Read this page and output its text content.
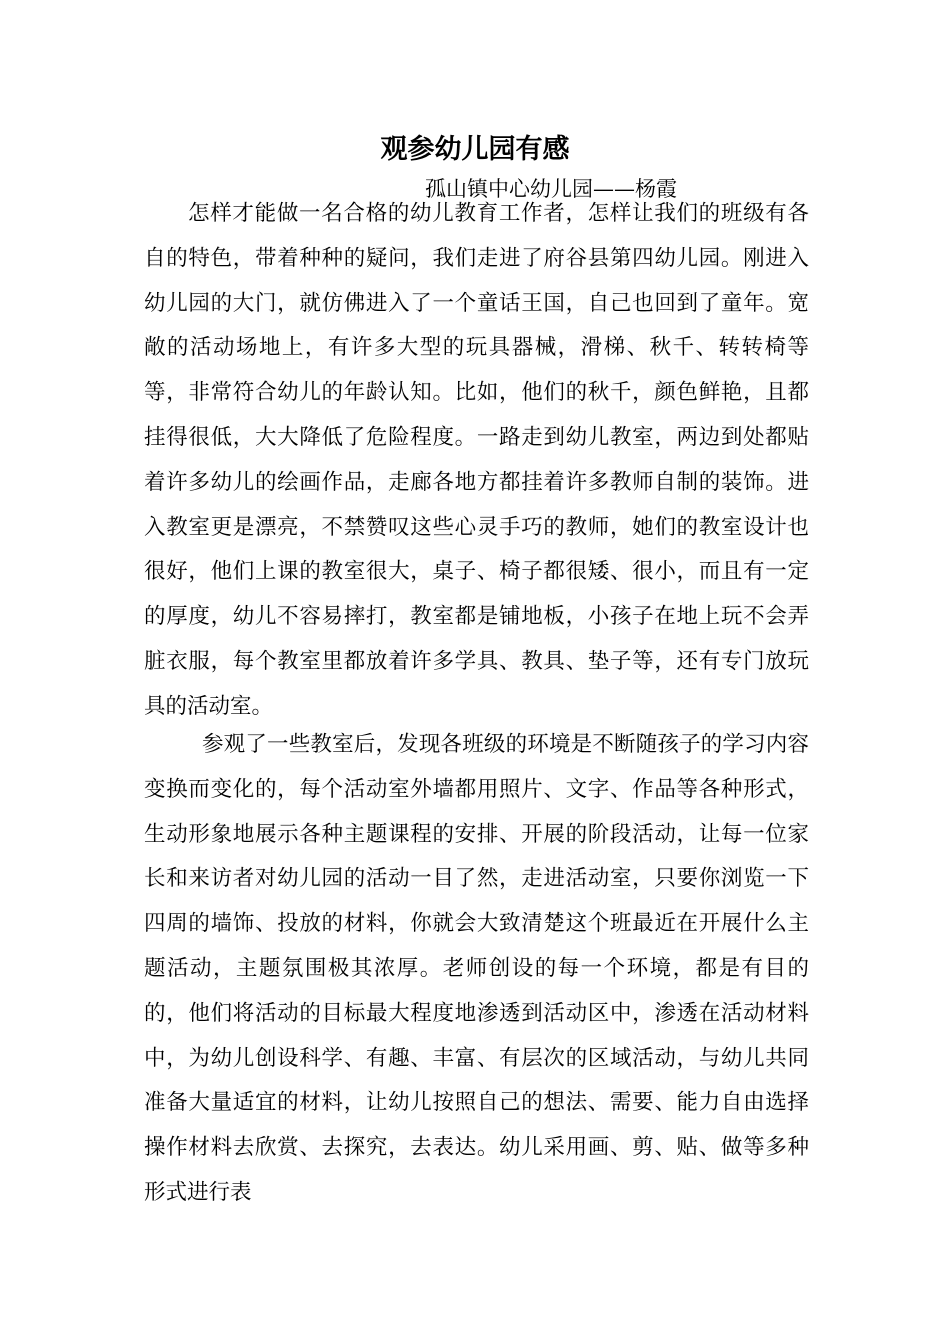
观参幼儿园有感
孤山镇中心幼儿园——杨霞

怎样才能做一名合格的幼儿教育工作者，怎样让我们的班级有各自的特色，带着种种的疑问，我们走进了府谷县第四幼儿园。刚进入幼儿园的大门，就仿佛进入了一个童话王国，自己也回到了童年。宽敞的活动场地上，有许多大型的玩具器械，滑梯、秋千、转转椅等等，非常符合幼儿的年龄认知。比如，他们的秋千，颜色鲜艳，且都挂得很低，大大降低了危险程度。一路走到幼儿教室，两边到处都贴着许多幼儿的绘画作品，走廊各地方都挂着许多教师自制的装饰。进入教室更是漂亮，不禁赞叹这些心灵手巧的教师，她们的教室设计也很好，他们上课的教室很大，桌子、椅子都很矮、很小，而且有一定的厚度，幼儿不容易摔打，教室都是铺地板，小孩子在地上玩不会弄脏衣服，每个教室里都放着许多学具、教具、垫子等，还有专门放玩具的活动室。

参观了一些教室后，发现各班级的环境是不断随孩子的学习内容变换而变化的，每个活动室外墙都用照片、文字、作品等各种形式，生动形象地展示各种主题课程的安排、开展的阶段活动，让每一位家长和来访者对幼儿园的活动一目了然，走进活动室，只要你浏览一下四周的墙饰、投放的材料，你就会大致清楚这个班最近在开展什么主题活动，主题氛围极其浓厚。老师创设的每一个环境，都是有目的的，他们将活动的目标最大程度地渗透到活动区中，渗透在活动材料中，为幼儿创设科学、有趣、丰富、有层次的区域活动，与幼儿共同准备大量适宜的材料，让幼儿按照自己的想法、需要、能力自由选择操作材料去欣赏、去探究，去表达。幼儿采用画、剪、贴、做等多种形式进行表
